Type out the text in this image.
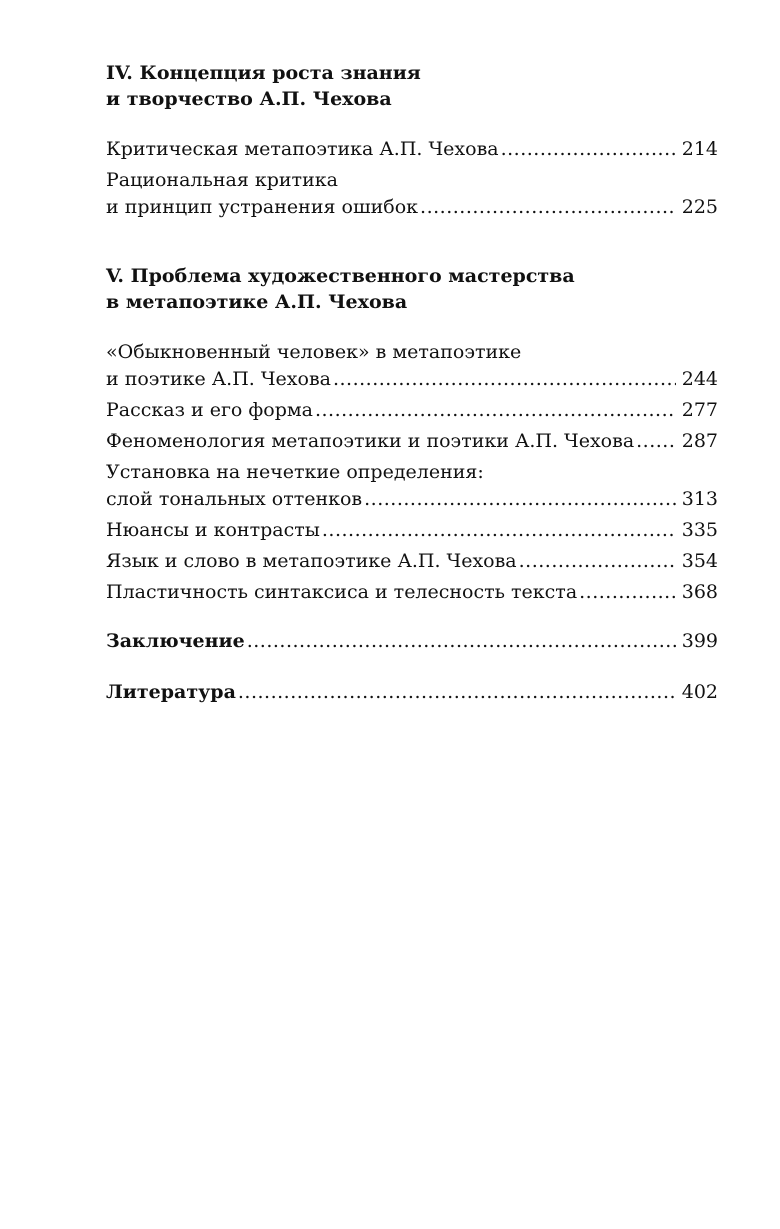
IV. Концепция роста знания
и творчество А.П. Чехова
Критическая метапоэтика А.П. Чехова .....	214
Рациональная критика
и принцип устранения ошибок .....	225
V. Проблема художественного мастерства
в метапоэтике А.П. Чехова
«Обыкновенный человек» в метапоэтике
и поэтике А.П. Чехова .....	244
Рассказ и его форма .....	277
Феноменология метапоэтики и поэтики А.П. Чехова .....	287
Установка на нечеткие определения:
слой тональных оттенков .....	313
Нюансы и контрасты .....	335
Язык и слово в метапоэтике А.П. Чехова .....	354
Пластичность синтаксиса и телесность текста .....	368
Заключение .....	399
Литература .....	402
